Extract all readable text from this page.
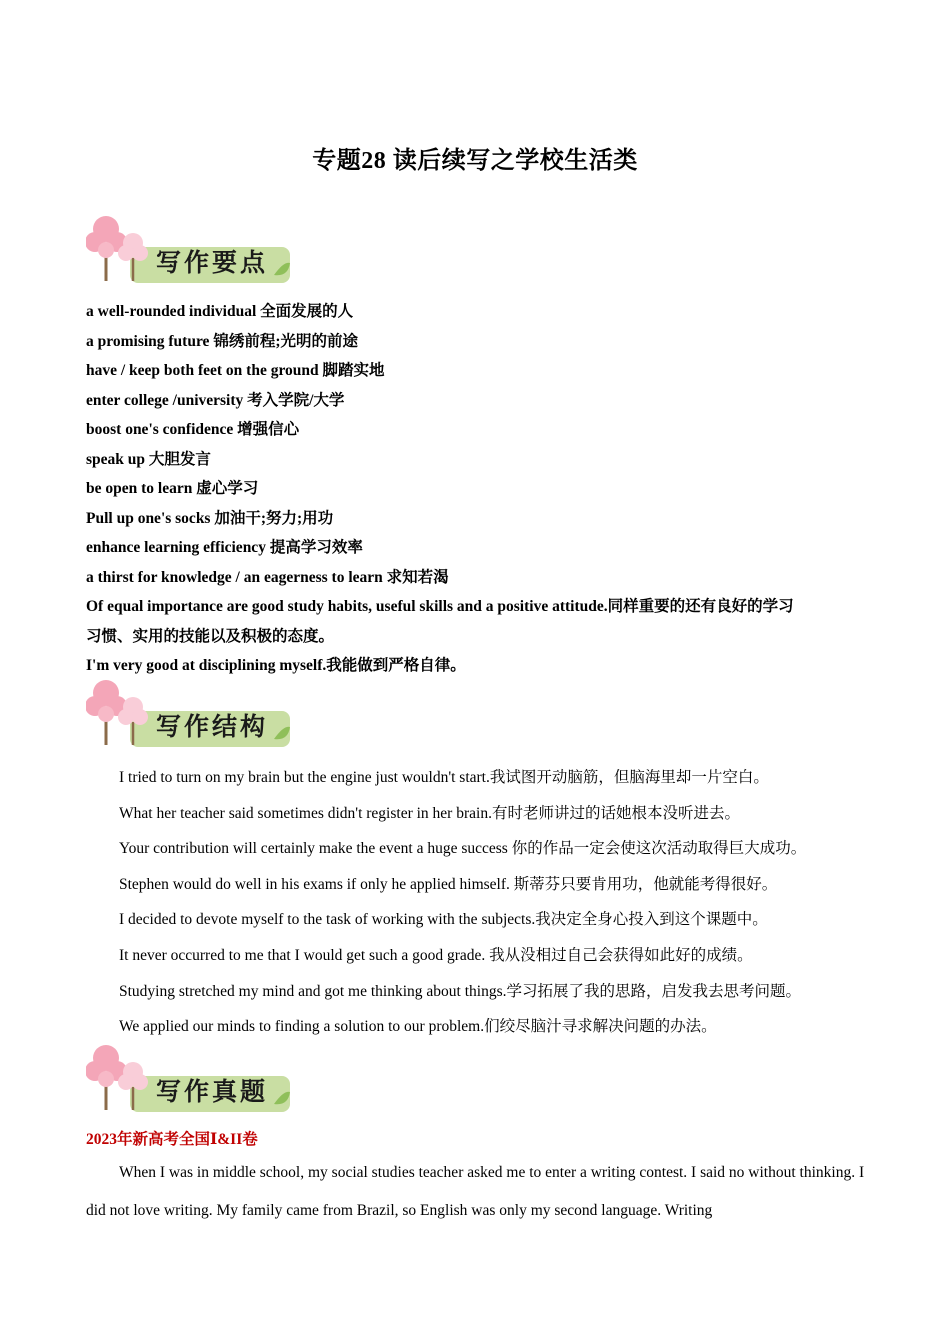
专题28 读后续写之学校生活类
写作要点

a well-rounded individual 全面发展的人

a promising future 锦绣前程;光明的前途

have / keep both feet on the ground 脚踏实地

enter college /university 考入学院/大学

boost one's confidence 增强信心

speak up 大胆发言

be open to learn 虚心学习

Pull up one's socks 加油干;努力;用功

enhance learning efficiency 提高学习效率

a thirst for knowledge / an eagerness to learn 求知若渴

Of equal importance are good study habits, useful skills and a positive attitude.同样重要的还有良好的学习

习惯、实用的技能以及积极的态度。

I'm very good at disciplining myself.我能做到严格自律。

写作结构

I tried to turn on my brain but the engine just wouldn't start.我试图开动脑筋，但脑海里却一片空白。

What her teacher said sometimes didn't register in her brain.有时老师讲过的话她根本没听进去。

Your contribution will certainly make the event a huge success 你的作品一定会使这次活动取得巨大成功。

Stephen would do well in his exams if only he applied himself. 斯蒂芬只要肯用功，他就能考得很好。

I decided to devote myself to the task of working with the subjects.我决定全身心投入到这个课题中。

It never occurred to me that I would get such a good grade. 我从没相过自己会获得如此好的成绩。

Studying stretched my mind and got me thinking about things.学习拓展了我的思路，启发我去思考问题。

We applied our minds to finding a solution to our problem.们绞尽脑汁寻求解决问题的办法。

写作真题
2023年新高考全国Ⅰ&II卷

When I was in middle school, my social studies teacher asked me to enter a writing contest. I said no without thinking. I did not love writing. My family came from Brazil, so English was only my second language. Writing
